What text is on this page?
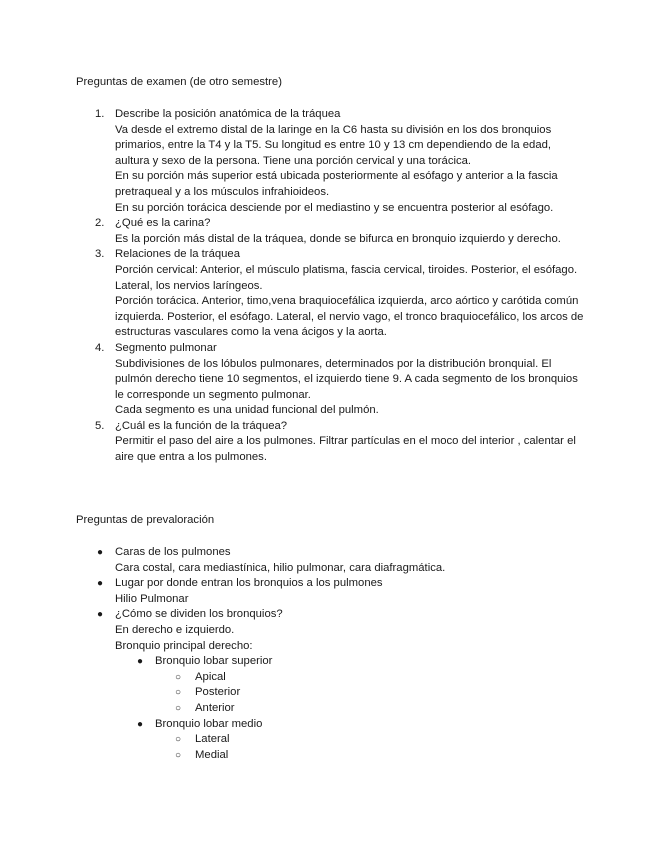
Preguntas de examen (de otro semestre)
1. Describe la posición anatómica de la tráquea
Va desde el extremo distal de la laringe en la C6 hasta su división en los dos bronquios primarios, entre la T4 y la T5. Su longitud es entre 10 y 13 cm dependiendo de la edad, aultura y sexo de la persona. Tiene una porción cervical y una torácica.
En su porción más superior está ubicada posteriormente al esófago y anterior a la fascia pretraqueal y a los músculos infrahioideos.
En su porción torácica desciende por el mediastino y se encuentra posterior al esófago.
2. ¿Qué es la carina?
Es la porción más distal de la tráquea, donde se bifurca en bronquio izquierdo y derecho.
3. Relaciones de la tráquea
Porción cervical: Anterior, el músculo platisma, fascia cervical, tiroides. Posterior, el esófago. Lateral, los nervios laríngeos.
Porción torácica. Anterior, timo,vena braquiocefálica izquierda, arco aórtico y carótida común izquierda. Posterior, el esófago. Lateral, el nervio vago, el tronco braquiocefálico, los arcos de estructuras vasculares como la vena ácigos y la aorta.
4. Segmento pulmonar
Subdivisiones de los lóbulos pulmonares, determinados por la distribución bronquial. El pulmón derecho tiene 10 segmentos, el izquierdo tiene 9. A cada segmento de los bronquios le corresponde un segmento pulmonar.
Cada segmento es una unidad funcional del pulmón.
5. ¿Cuál es la función de la tráquea?
Permitir el paso del aire a los pulmones. Filtrar partículas en el moco del interior , calentar el aire que entra a los pulmones.
Preguntas de prevaloración
● Caras de los pulmones
Cara costal, cara mediastínica, hilio pulmonar, cara diafragmática.
● Lugar por donde entran los bronquios a los pulmones
Hilio Pulmonar
● ¿Cómo se dividen los bronquios?
En derecho e izquierdo.
Bronquio principal derecho:
● Bronquio lobar superior
○ Apical
○ Posterior
○ Anterior
● Bronquio lobar medio
○ Lateral
○ Medial
